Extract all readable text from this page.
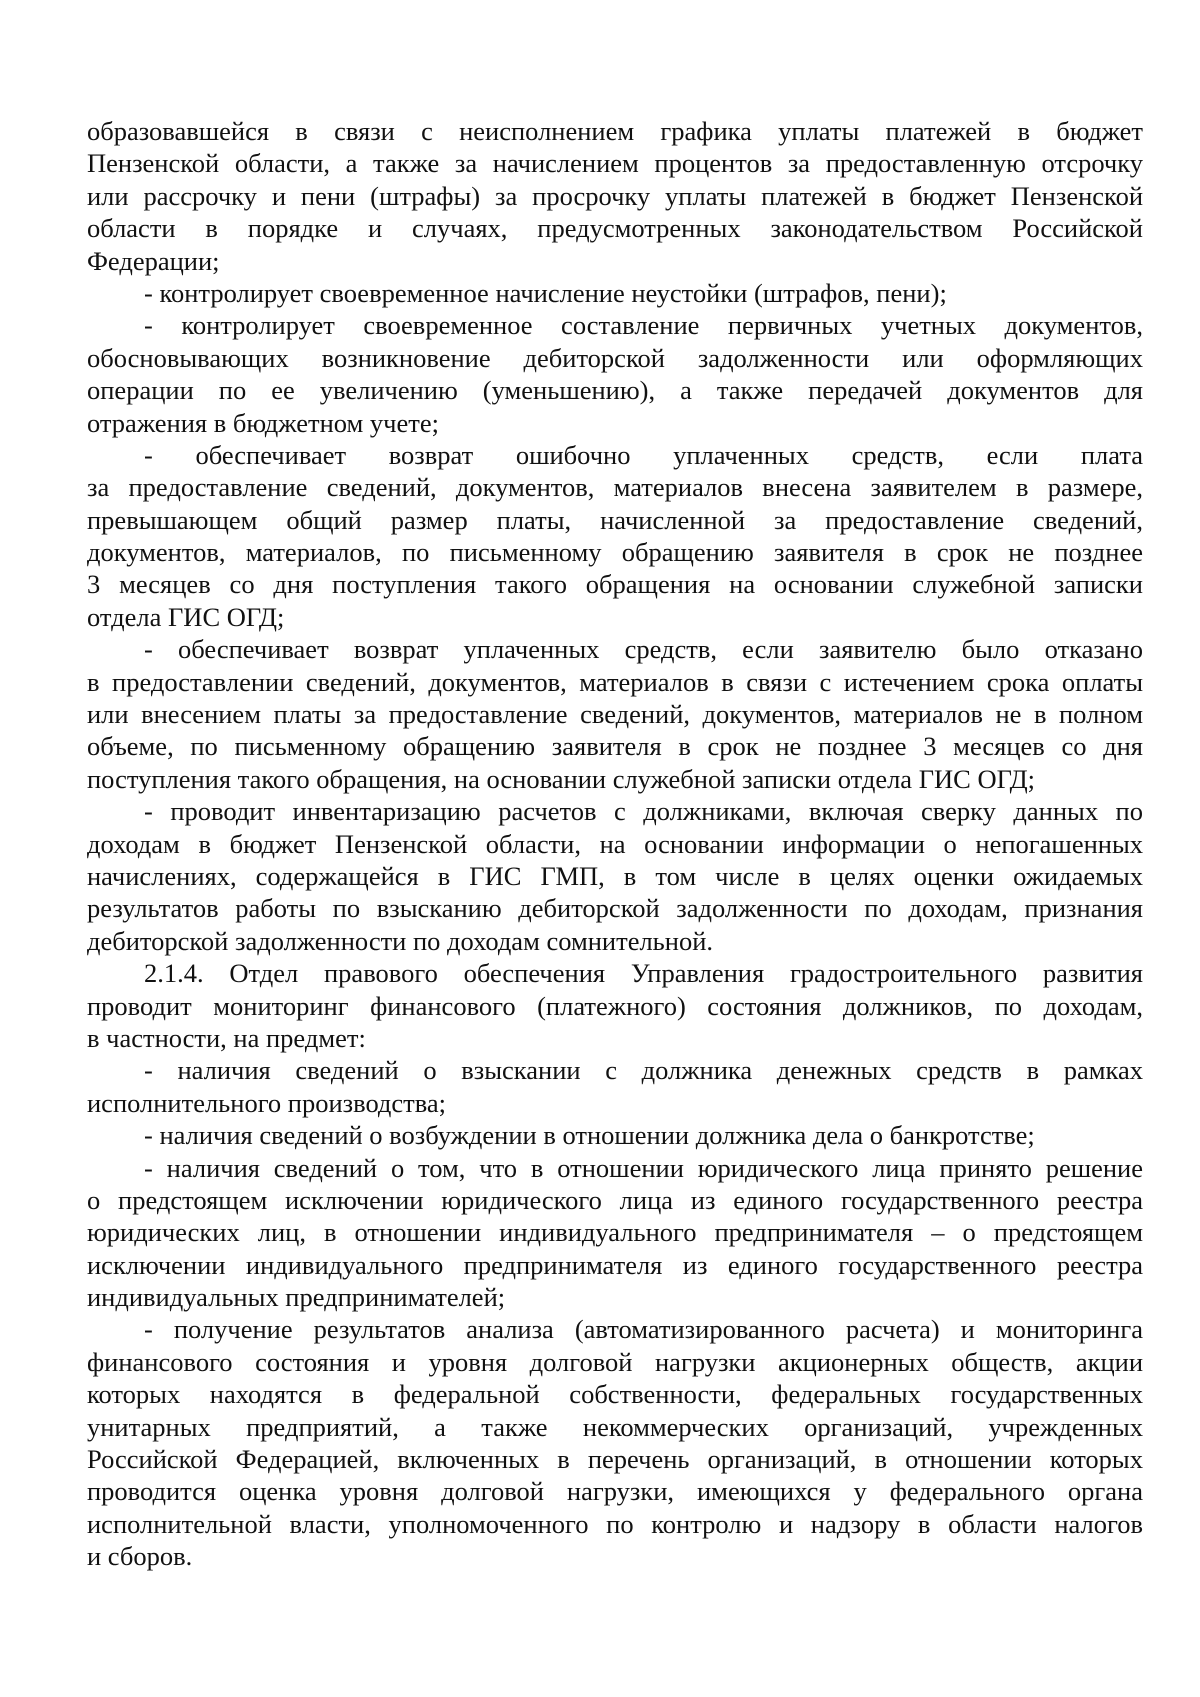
образовавшейся в связи с неисполнением графика уплаты платежей в бюджет
Пензенской области, а также за начислением процентов за предоставленную отсрочку
или рассрочку и пени (штрафы) за просрочку уплаты платежей в бюджет Пензенской
области в порядке и случаях, предусмотренных законодательством Российской
Федерации;
- контролирует своевременное начисление неустойки (штрафов, пени);
- контролирует своевременное составление первичных учетных документов,
обосновывающих возникновение дебиторской задолженности или оформляющих
операции по ее увеличению (уменьшению), а также передачей документов для
отражения в бюджетном учете;
- обеспечивает возврат ошибочно уплаченных средств, если плата
за предоставление сведений, документов, материалов внесена заявителем в размере,
превышающем общий размер платы, начисленной за предоставление сведений,
документов, материалов, по письменному обращению заявителя в срок не позднее
3 месяцев со дня поступления такого обращения на основании служебной записки
отдела ГИС ОГД;
- обеспечивает возврат уплаченных средств, если заявителю было отказано
в предоставлении сведений, документов, материалов в связи с истечением срока оплаты
или внесением платы за предоставление сведений, документов, материалов не в полном
объеме, по письменному обращению заявителя в срок не позднее 3 месяцев со дня
поступления такого обращения, на основании служебной записки отдела ГИС ОГД;
- проводит инвентаризацию расчетов с должниками, включая сверку данных по
доходам в бюджет Пензенской области, на основании информации о непогашенных
начислениях, содержащейся в ГИС ГМП, в том числе в целях оценки ожидаемых
результатов работы по взысканию дебиторской задолженности по доходам, признания
дебиторской задолженности по доходам сомнительной.
2.1.4. Отдел правового обеспечения Управления градостроительного развития
проводит мониторинг финансового (платежного) состояния должников, по доходам,
в частности, на предмет:
- наличия сведений о взыскании с должника денежных средств в рамках
исполнительного производства;
- наличия сведений о возбуждении в отношении должника дела о банкротстве;
- наличия сведений о том, что в отношении юридического лица принято решение
о предстоящем исключении юридического лица из единого государственного реестра
юридических лиц, в отношении индивидуального предпринимателя – о предстоящем
исключении индивидуального предпринимателя из единого государственного реестра
индивидуальных предпринимателей;
- получение результатов анализа (автоматизированного расчета) и мониторинга
финансового состояния и уровня долговой нагрузки акционерных обществ, акции
которых находятся в федеральной собственности, федеральных государственных
унитарных предприятий, а также некоммерческих организаций, учрежденных
Российской Федерацией, включенных в перечень организаций, в отношении которых
проводится оценка уровня долговой нагрузки, имеющихся у федерального органа
исполнительной власти, уполномоченного по контролю и надзору в области налогов
и сборов.
